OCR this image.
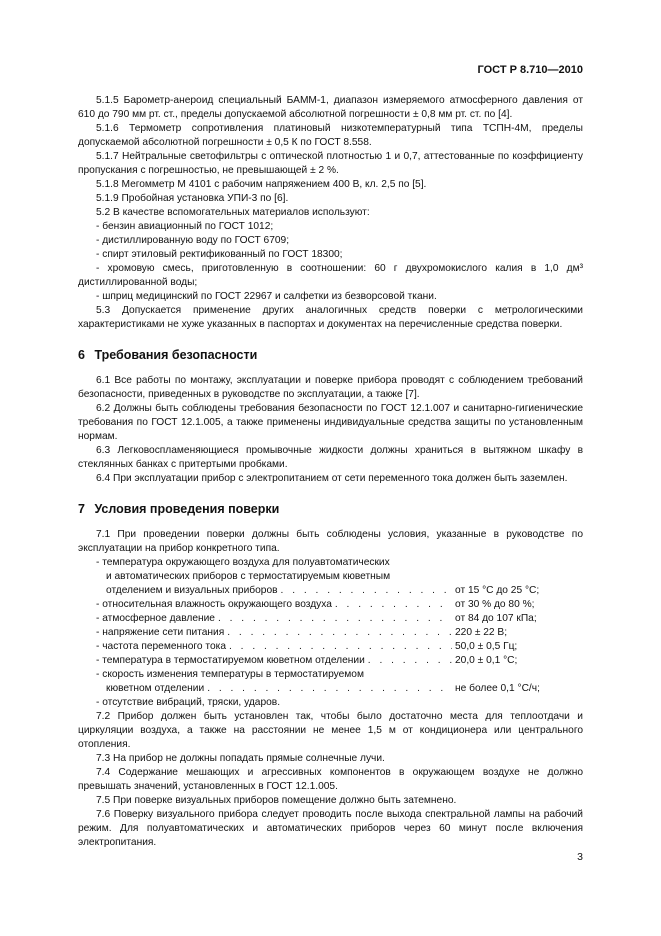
ГОСТ Р 8.710—2010

5.1.5 Барометр-анероид специальный БАММ-1, диапазон измеряемого атмосферного давления от 610 до 790 мм рт. ст., пределы допускаемой абсолютной погрешности ± 0,8 мм рт. ст. по [4].

5.1.6 Термометр сопротивления платиновый низкотемпературный типа ТСПН-4М, пределы допускаемой абсолютной погрешности ± 0,5 К по ГОСТ 8.558.

5.1.7 Нейтральные светофильтры с оптической плотностью 1 и 0,7, аттестованные по коэффициенту пропускания с погрешностью, не превышающей ± 2 %.

5.1.8 Мегомметр М 4101 с рабочим напряжением 400 В, кл. 2,5 по [5].

5.1.9 Пробойная установка УПИ-3 по [6].

5.2 В качестве вспомогательных материалов используют:

- бензин авиационный по ГОСТ 1012;

- дистиллированную воду по ГОСТ 6709;

- спирт этиловый ректификованный по ГОСТ 18300;

- хромовую смесь, приготовленную в соотношении: 60 г двухромокислого калия в 1,0 дм³ дистиллированной воды;

- шприц медицинский по ГОСТ 22967 и салфетки из безворсовой ткани.

5.3 Допускается применение других аналогичных средств поверки с метрологическими характеристиками не хуже указанных в паспортах и документах на перечисленные средства поверки.

6 Требования безопасности

6.1 Все работы по монтажу, эксплуатации и поверке прибора проводят с соблюдением требований безопасности, приведенных в руководстве по эксплуатации, а также [7].

6.2 Должны быть соблюдены требования безопасности по ГОСТ 12.1.007 и санитарно-гигиенические требования по ГОСТ 12.1.005, а также применены индивидуальные средства защиты по установленным нормам.

6.3 Легковоспламеняющиеся промывочные жидкости должны храниться в вытяжном шкафу в стеклянных банках с притертыми пробками.

6.4 При эксплуатации прибор с электропитанием от сети переменного тока должен быть заземлен.

7 Условия проведения поверки

7.1 При проведении поверки должны быть соблюдены условия, указанные в руководстве по эксплуатации на прибор конкретного типа.

- температура окружающего воздуха для полуавтоматических
и автоматических приборов с термостатируемым кюветным
отделением и визуальных приборов . . .	от 15 °С до 25 °С;
- относительная влажность окружающего воздуха . . .	от 30 % до 80 %;
- атмосферное давление . . .	от 84 до 107 кПа;
- напряжение сети питания . . .	220 ± 22 В;
- частота переменного тока . . .	50,0 ± 0,5 Гц;
- температура в термостатируемом кюветном отделении . . .	20,0 ± 0,1 °С;
- скорость изменения температуры в термостатируемом
кюветном отделении . . .	не более 0,1 °С/ч;
- отсутствие вибраций, тряски, ударов.

7.2 Прибор должен быть установлен так, чтобы было достаточно места для теплоотдачи и циркуляции воздуха, а также на расстоянии не менее 1,5 м от кондиционера или центрального отопления.

7.3 На прибор не должны попадать прямые солнечные лучи.

7.4 Содержание мешающих и агрессивных компонентов в окружающем воздухе не должно превышать значений, установленных в ГОСТ 12.1.005.

7.5 При поверке визуальных приборов помещение должно быть затемнено.

7.6 Поверку визуального прибора следует проводить после выхода спектральной лампы на рабочий режим. Для полуавтоматических и автоматических приборов через 60 минут после включения электропитания.

3
